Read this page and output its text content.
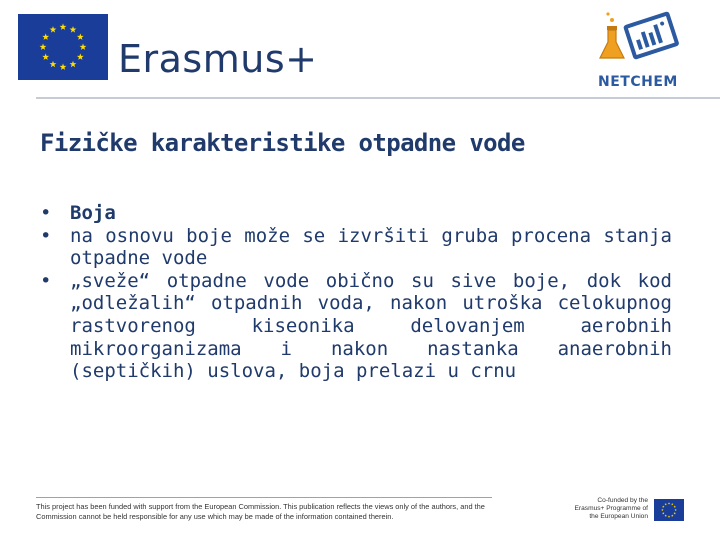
Erasmus+
NETCHEM
Fizičke karakteristike otpadne vode
• Boja
• na osnovu boje može se izvršiti gruba procena stanja otpadne vode
• „sveže“ otpadne vode obično su sive boje, dok kod „odležalih“ otpadnih voda, nakon utroška celokupnog rastvorenog kiseonika delovanjem aerobnih mikroorganizama i nakon nastanka anaerobnih (septičkih) uslova, boja prelazi u crnu
This project has been funded with support from the European Commission. This publication reflects the views only of the authors, and the Commission cannot be held responsible for any use which may be made of the information contained therein.
Co-funded by the Erasmus+ Programme of the European Union
